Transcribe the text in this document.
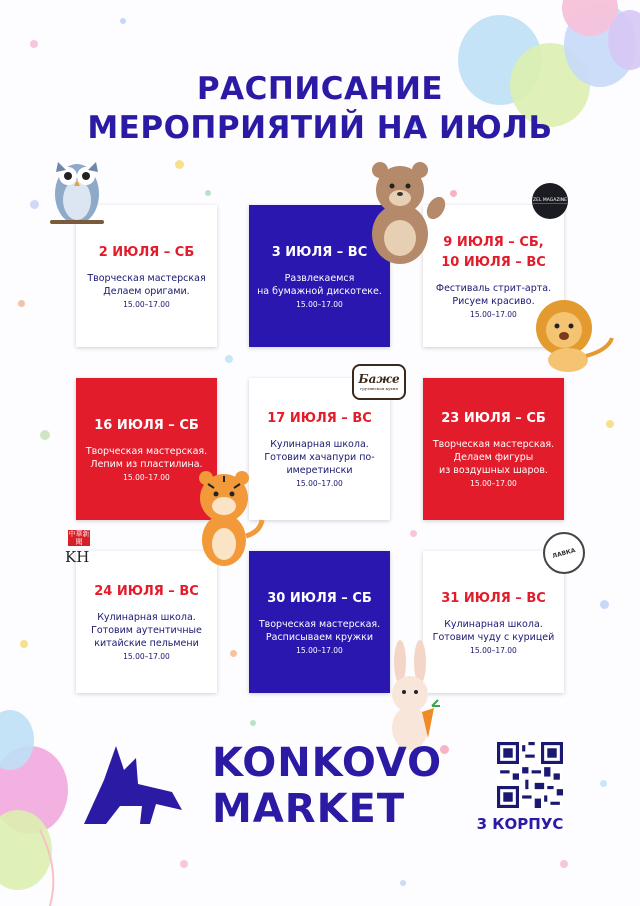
РАСПИСАНИЕ
МЕРОПРИЯТИЙ НА ИЮЛЬ
2 ИЮЛЯ – СБ
Творческая мастерская
Делаем оригами.
15.00–17.00
3 ИЮЛЯ – ВС
Развлекаемся
на бумажной дискотеке.
15.00–17.00
9 ИЮЛЯ – СБ,
10 ИЮЛЯ – ВС
Фестиваль стрит-арта.
Рисуем красиво.
15.00–17.00
16 ИЮЛЯ – СБ
Творческая мастерская.
Лепим из пластилина.
15.00–17.00
17 ИЮЛЯ – ВС
Кулинарная школа.
Готовим хачапури по-
имеретински
15.00–17.00
23 ИЮЛЯ – СБ
Творческая мастерская.
Делаем фигуры
из воздушных шаров.
15.00–17.00
24 ИЮЛЯ – ВС
Кулинарная школа.
Готовим аутентичные
китайские пельмени
15.00–17.00
30 ИЮЛЯ – СБ
Творческая мастерская.
Расписываем кружки
15.00–17.00
31 ИЮЛЯ – ВС
Кулинарная школа.
Готовим чуду с курицей
15.00–17.00
ZEL MAGAZINE
Баже
грузинская кухня
中華新聞
KH	ЛАВКА
KONKOVO
MARKET	3 КОРПУС
